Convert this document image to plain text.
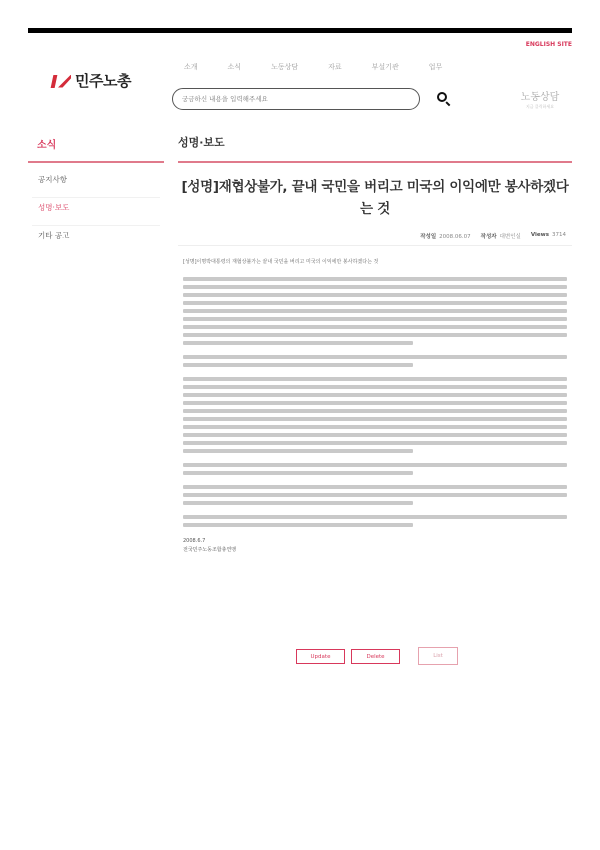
ENGLISH SITE
민주노총
소개	소식	노동상담	자료	부설기관	업무
궁금하신 내용을 입력해주세요
노동상담
지금 클릭하세요
소식
공지사항
성명·보도
기타 공고
성명·보도
[성명]재협상불가, 끝내 국민을 버리고 미국의 이익에만 봉사하겠다는 것
작성일 2008.06.07 작성자 대변인실 Views 3714
[성명]이명박대통령의 재협상불가는 끝내 국민을 버리고 미국의 이익에만 봉사하겠다는 것
2008.6.7
전국민주노동조합총연맹
Update	Delete	List
